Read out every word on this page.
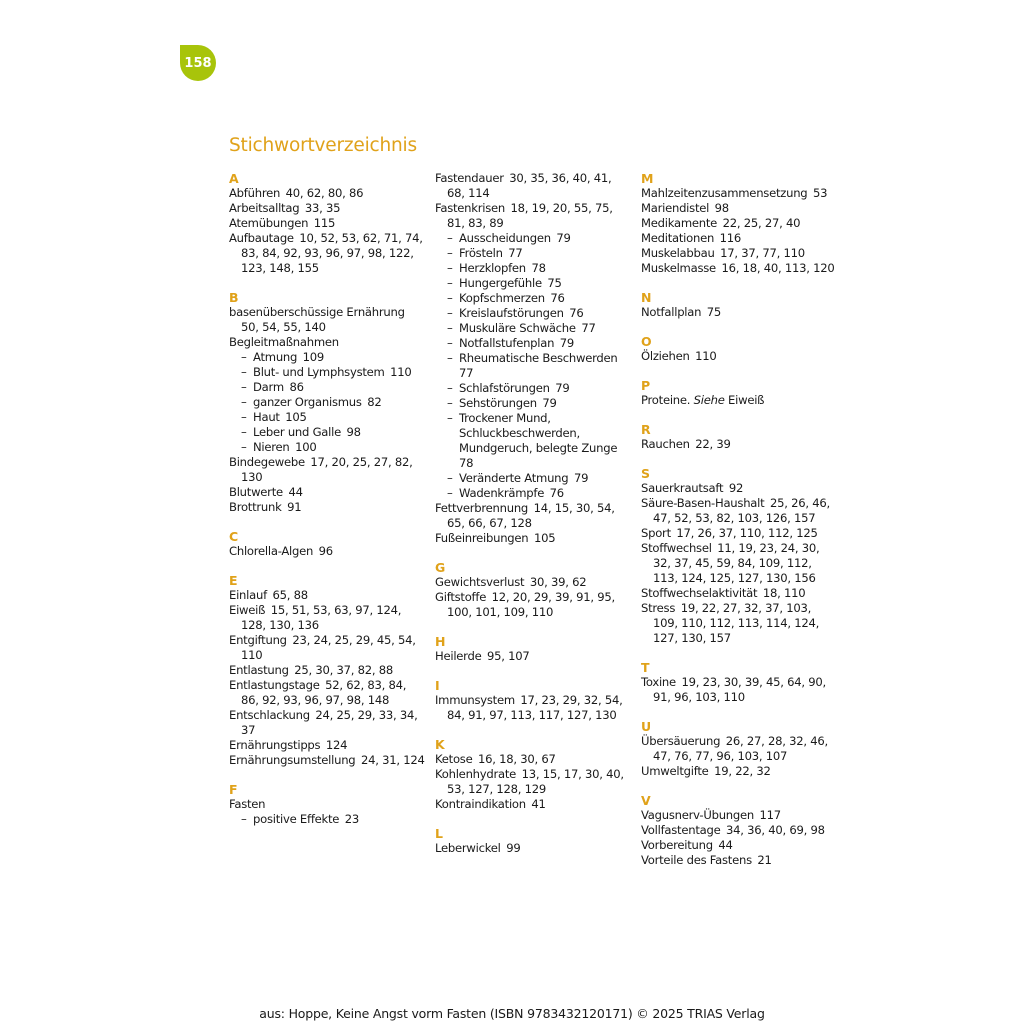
158
Stichwortverzeichnis
A
Abführen  40, 62, 80, 86
Arbeitsalltag  33, 35
Atemübungen  115
Aufbautage  10, 52, 53, 62, 71, 74, 83, 84, 92, 93, 96, 97, 98, 122, 123, 148, 155
B
basenüberschüssige Ernährung 50, 54, 55, 140
Begleitmaßnahmen
– Atmung  109
– Blut- und Lymphsystem  110
– Darm  86
– ganzer Organismus  82
– Haut  105
– Leber und Galle  98
– Nieren  100
Bindegewebe  17, 20, 25, 27, 82, 130
Blutwerte  44
Brottrunk  91
C
Chlorella-Algen  96
E
Einlauf  65, 88
Eiweiß  15, 51, 53, 63, 97, 124, 128, 130, 136
Entgiftung  23, 24, 25, 29, 45, 54, 110
Entlastung  25, 30, 37, 82, 88
Entlastungstage  52, 62, 83, 84, 86, 92, 93, 96, 97, 98, 148
Entschlackung  24, 25, 29, 33, 34, 37
Ernährungstipps  124
Ernährungsumstellung  24, 31, 124
F
Fasten
– positive Effekte  23
Fastendauer  30, 35, 36, 40, 41, 68, 114
Fastenkrisen  18, 19, 20, 55, 75, 81, 83, 89
– Ausscheidungen  79
– Frösteln  77
– Herzklopfen  78
– Hungergefühle  75
– Kopfschmerzen  76
– Kreislaufstörungen  76
– Muskuläre Schwäche  77
– Notfallstufenplan  79
– Rheumatische Beschwerden 77
– Schlafstörungen  79
– Sehstörungen  79
– Trockener Mund, Schluckbeschwerden, Mundgeruch, belegte Zunge 78
– Veränderte Atmung  79
– Wadenkrämpfe  76
Fettverbrennung  14, 15, 30, 54, 65, 66, 67, 128
Fußeinreibungen  105
G
Gewichtsverlust  30, 39, 62
Giftstoffe  12, 20, 29, 39, 91, 95, 100, 101, 109, 110
H
Heilerde  95, 107
I
Immunsystem  17, 23, 29, 32, 54, 84, 91, 97, 113, 117, 127, 130
K
Ketose  16, 18, 30, 67
Kohlenhydrate  13, 15, 17, 30, 40, 53, 127, 128, 129
Kontraindikation  41
L
Leberwickel  99
M
Mahlzeitenzusammensetzung  53
Mariendistel  98
Medikamente  22, 25, 27, 40
Meditationen  116
Muskelabbau  17, 37, 77, 110
Muskelmasse  16, 18, 40, 113, 120
N
Notfallplan  75
O
Ölziehen  110
P
Proteine. Siehe Eiweiß
R
Rauchen  22, 39
S
Sauerkrautsaft  92
Säure-Basen-Haushalt  25, 26, 46, 47, 52, 53, 82, 103, 126, 157
Sport  17, 26, 37, 110, 112, 125
Stoffwechsel  11, 19, 23, 24, 30, 32, 37, 45, 59, 84, 109, 112, 113, 124, 125, 127, 130, 156
Stoffwechselaktivität  18, 110
Stress  19, 22, 27, 32, 37, 103, 109, 110, 112, 113, 114, 124, 127, 130, 157
T
Toxine  19, 23, 30, 39, 45, 64, 90, 91, 96, 103, 110
U
Übersäuerung  26, 27, 28, 32, 46, 47, 76, 77, 96, 103, 107
Umweltgifte  19, 22, 32
V
Vagusnerv-Übungen  117
Vollfastentage  34, 36, 40, 69, 98
Vorbereitung  44
Vorteile des Fastens  21
aus: Hoppe, Keine Angst vorm Fasten (ISBN 9783432120171) © 2025 TRIAS Verlag
